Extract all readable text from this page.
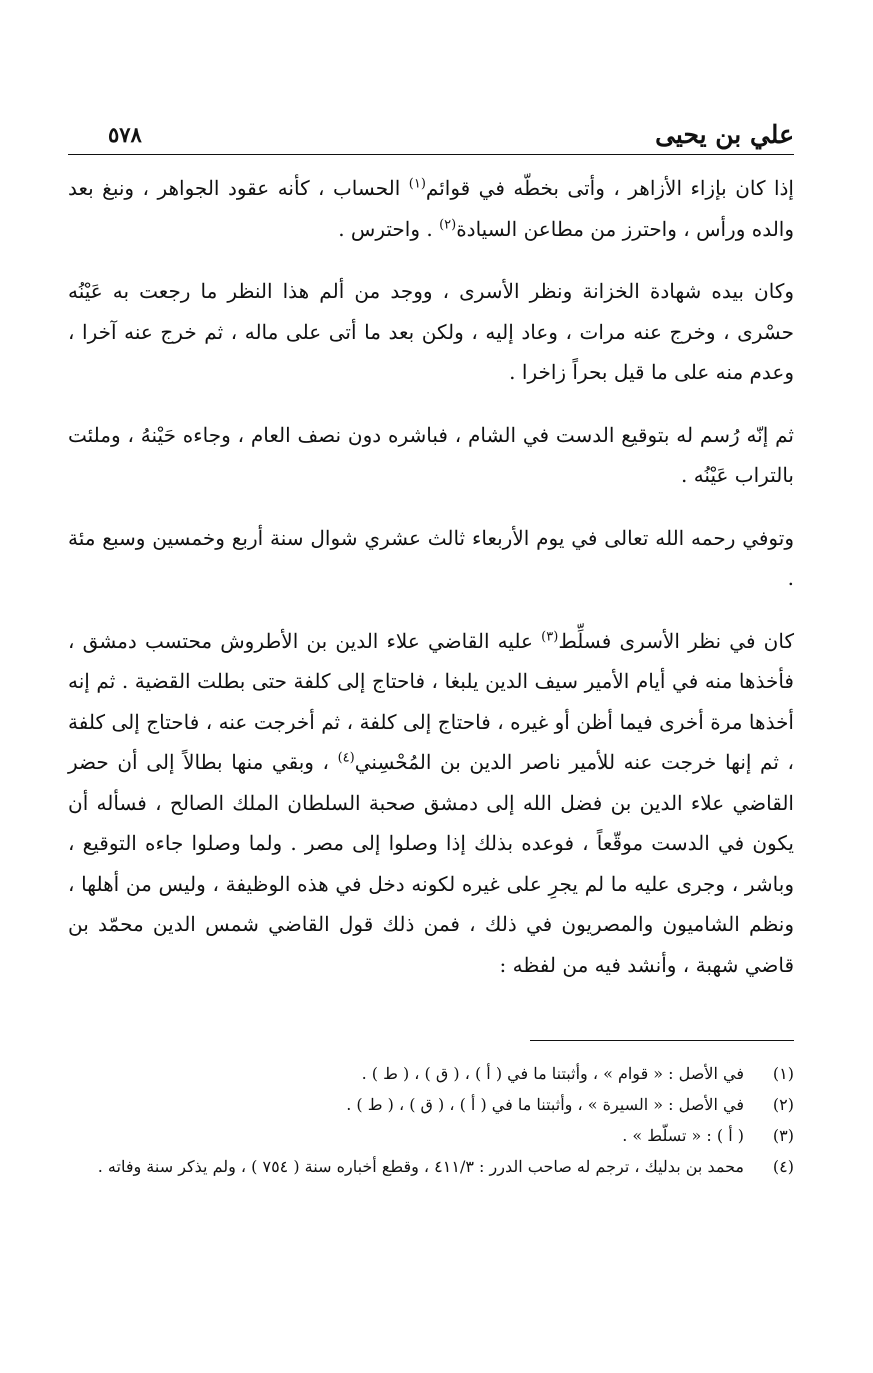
علي بن يحيى
٥٧٨

إذا كان بإزاء الأزاهر ، وأتى بخطّه في قوائم$^{(١)}$ الحساب ، كأنه عقود الجواهر ، ونبغ بعد والده ورأس ، واحترز من مطاعن السيادة$^{(٢)}$ . واحترس .

وكان بيده شهادة الخزانة ونظر الأسرى ، ووجد من ألم هذا النظر ما رجعت به عَيْنُه حسْرى ، وخرج عنه مرات ، وعاد إليه ، ولكن بعد ما أتى على ماله ، ثم خرج عنه آخرا ، وعدم منه على ما قيل بحراً زاخرا .

ثم إنّه رُسم له بتوقيع الدست في الشام ، فباشره دون نصف العام ، وجاءه حَيْنهُ ، وملئت بالتراب عَيْنُه .

وتوفي رحمه الله تعالى في يوم الأربعاء ثالث عشري شوال سنة أربع وخمسين وسبع مئة .

كان في نظر الأسرى فسلِّط$^{(٣)}$ عليه القاضي علاء الدين بن الأطروش محتسب دمشق ، فأخذها منه في أيام الأمير سيف الدين يلبغا ، فاحتاج إلى كلفة حتى بطلت القضية . ثم إنه أخذها مرة أخرى فيما أظن أو غيره ، فاحتاج إلى كلفة ، ثم أخرجت عنه ، فاحتاج إلى كلفة ، ثم إنها خرجت عنه للأمير ناصر الدين بن المُحْسِني$^{(٤)}$ ، وبقي منها بطالاً إلى أن حضر القاضي علاء الدين بن فضل الله إلى دمشق صحبة السلطان الملك الصالح ، فسأله أن يكون في الدست موقّعاً ، فوعده بذلك إذا وصلوا إلى مصر . ولما وصلوا جاءه التوقيع ، وباشر ، وجرى عليه ما لم يجرِ على غيره لكونه دخل في هذه الوظيفة ، وليس من أهلها ، ونظم الشاميون والمصريون في ذلك ، فمن ذلك قول القاضي شمس الدين محمّد بن قاضي شهبة ، وأنشد فيه من لفظه :

(١)
في الأصل : « قوام » ، وأثبتنا ما في ( أ ) ، ( ق ) ، ( ط ) .
(٢)
في الأصل : « السيرة » ، وأثبتنا ما في ( أ ) ، ( ق ) ، ( ط ) .
(٣)
( أ ) : « تسلّط » .
(٤)
محمد بن بدليك ، ترجم له صاحب الدرر : ٤١١/٣ ، وقطع أخباره سنة ( ٧٥٤ ) ، ولم يذكر سنة وفاته .
